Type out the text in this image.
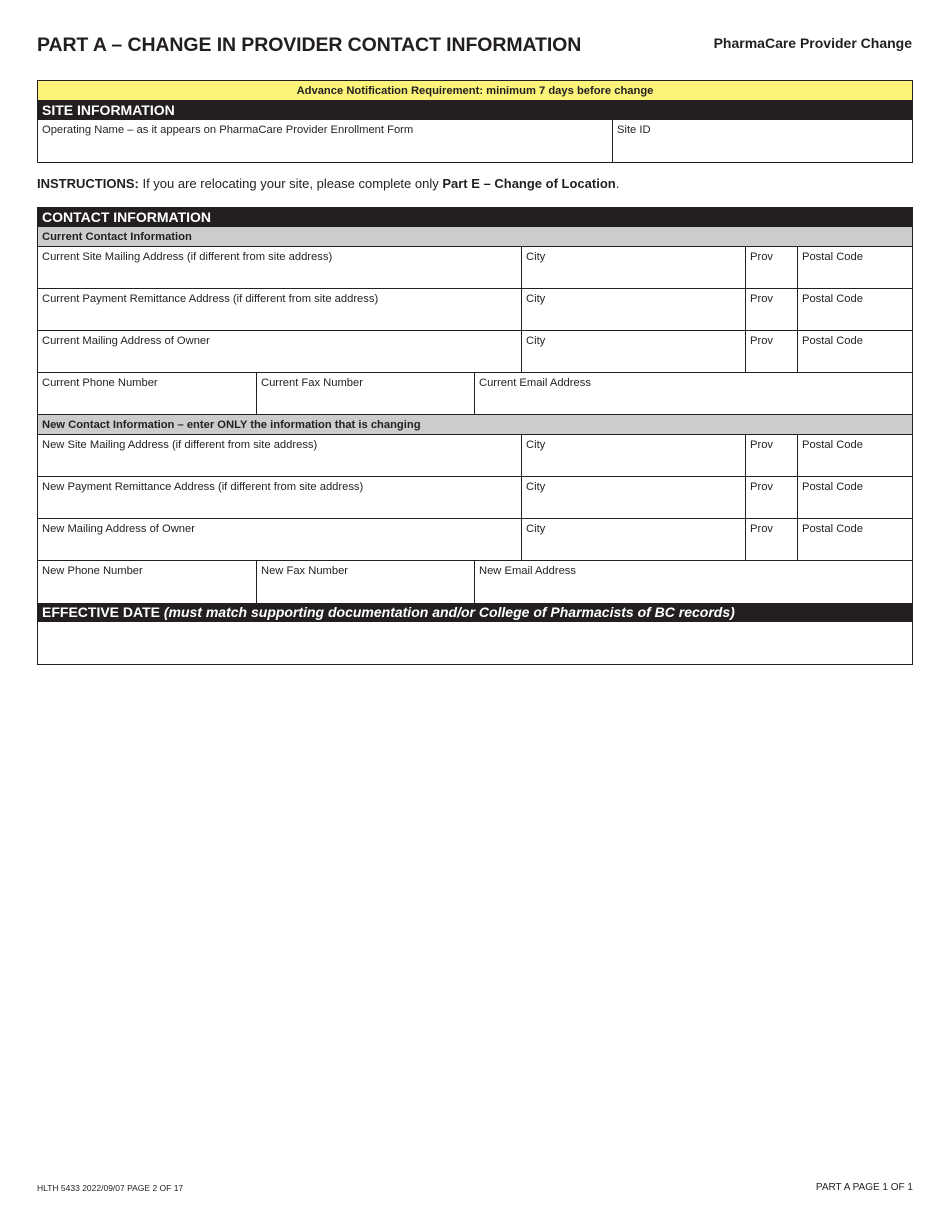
PART A – CHANGE IN PROVIDER CONTACT INFORMATION	PharmaCare Provider Change
Advance Notification Requirement: minimum 7 days before change
SITE INFORMATION
Operating Name – as it appears on PharmaCare Provider Enrollment Form	Site ID
INSTRUCTIONS: If you are relocating your site, please complete only Part E – Change of Location.
CONTACT INFORMATION
Current Contact Information
Current Site Mailing Address (if different from site address)	City	Prov	Postal Code
Current Payment Remittance Address (if different from site address)	City	Prov	Postal Code
Current Mailing Address of Owner	City	Prov	Postal Code
Current Phone Number	Current Fax Number	Current Email Address
New Contact Information – enter ONLY the information that is changing
New Site Mailing Address (if different from site address)	City	Prov	Postal Code
New Payment Remittance Address (if different from site address)	City	Prov	Postal Code
New Mailing Address of Owner	City	Prov	Postal Code
New Phone Number	New Fax Number	New Email Address
EFFECTIVE DATE (must match supporting documentation and/or College of Pharmacists of BC records)
HLTH 5433 2022/09/07 PAGE 2 OF 17	PART A PAGE 1 OF 1
